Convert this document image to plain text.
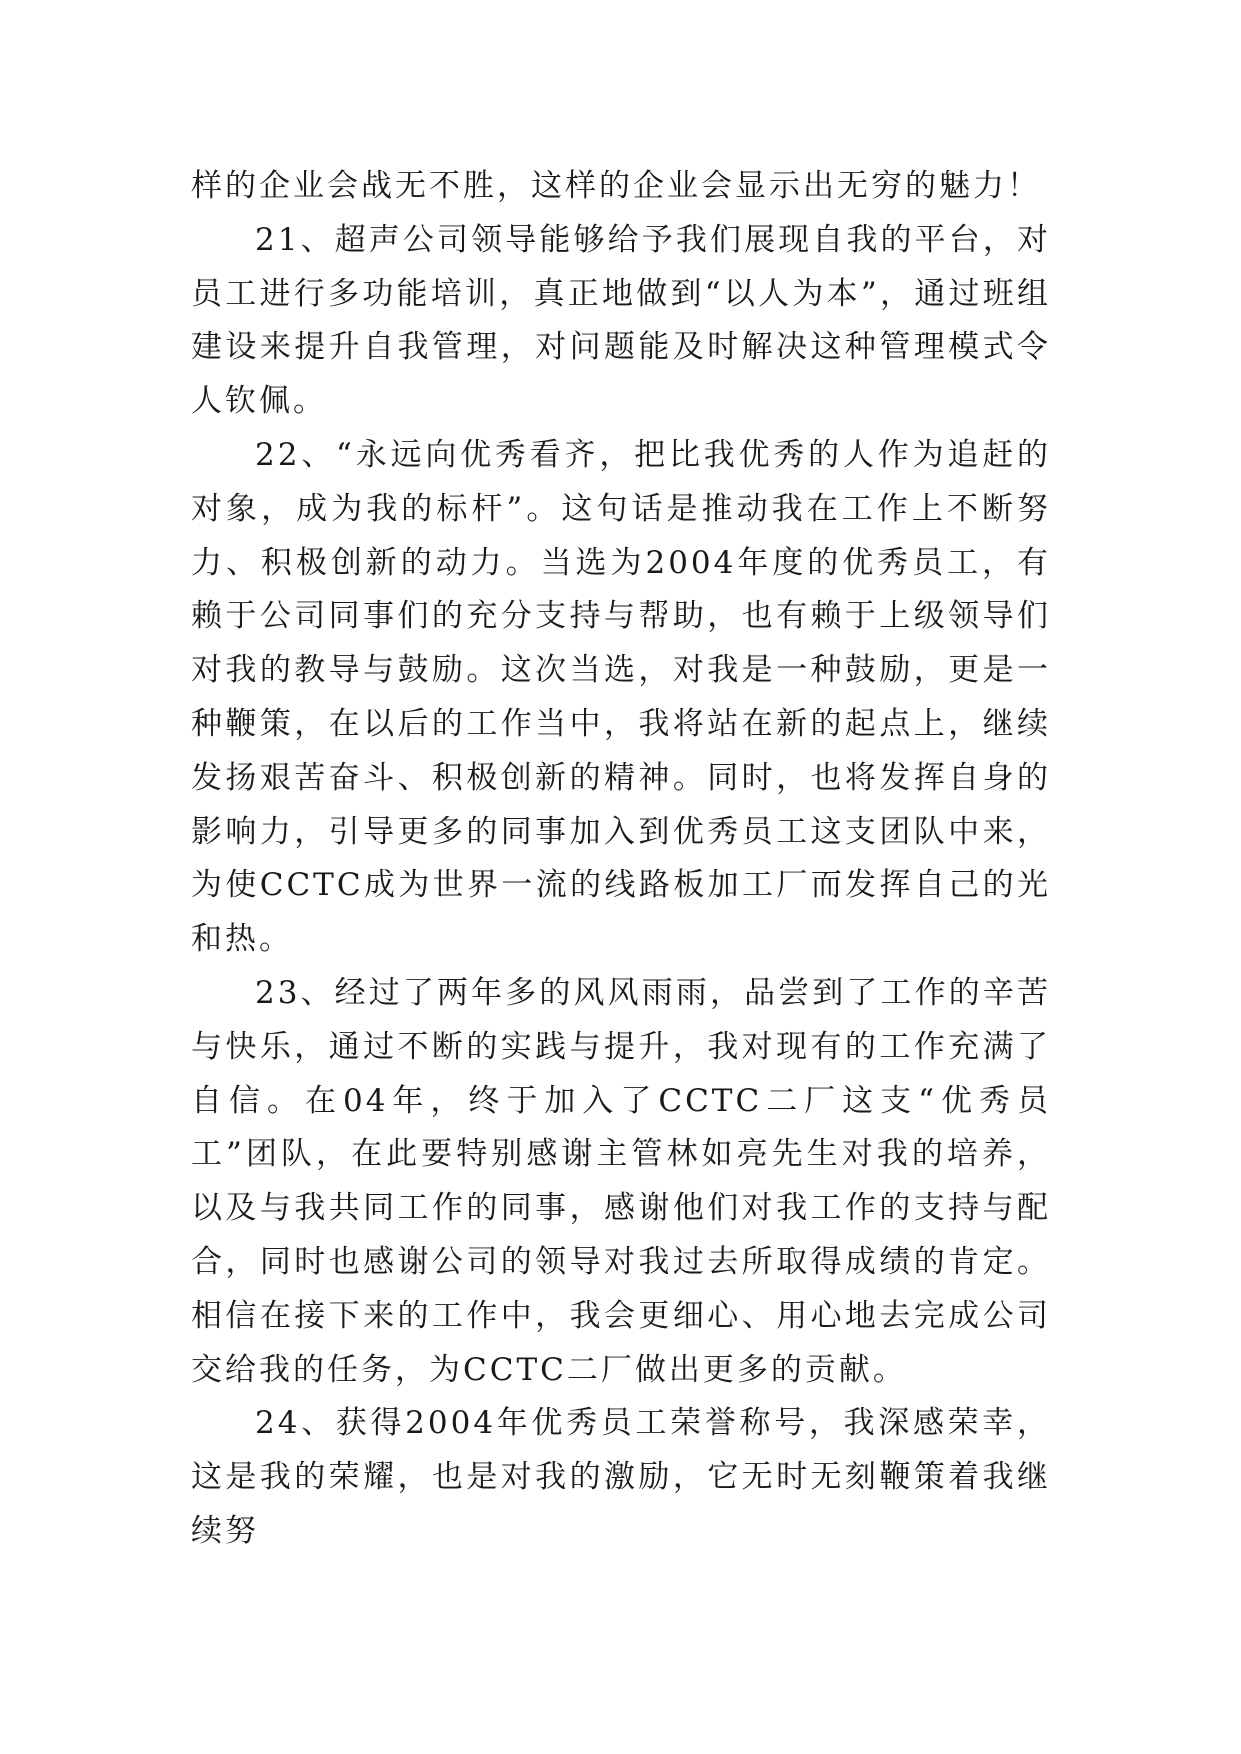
样的企业会战无不胜，这样的企业会显示出无穷的魅力！

21、超声公司领导能够给予我们展现自我的平台，对员工进行多功能培训，真正地做到“以人为本”，通过班组建设来提升自我管理，对问题能及时解决这种管理模式令人钦佩。

22、“永远向优秀看齐，把比我优秀的人作为追赶的对象，成为我的标杆”。这句话是推动我在工作上不断努力、积极创新的动力。当选为2004年度的优秀员工，有赖于公司同事们的充分支持与帮助，也有赖于上级领导们对我的教导与鼓励。这次当选，对我是一种鼓励，更是一种鞭策，在以后的工作当中，我将站在新的起点上，继续发扬艰苦奋斗、积极创新的精神。同时，也将发挥自身的影响力，引导更多的同事加入到优秀员工这支团队中来，为使CCTC成为世界一流的线路板加工厂而发挥自己的光和热。

23、经过了两年多的风风雨雨，品尝到了工作的辛苦与快乐，通过不断的实践与提升，我对现有的工作充满了自信。在04年，终于加入了CCTC二厂这支“优秀员工”团队，在此要特别感谢主管林如亮先生对我的培养，以及与我共同工作的同事，感谢他们对我工作的支持与配合，同时也感谢公司的领导对我过去所取得成绩的肯定。相信在接下来的工作中，我会更细心、用心地去完成公司交给我的任务，为CCTC二厂做出更多的贡献。

24、获得2004年优秀员工荣誉称号，我深感荣幸，这是我的荣耀，也是对我的激励，它无时无刻鞭策着我继续努
